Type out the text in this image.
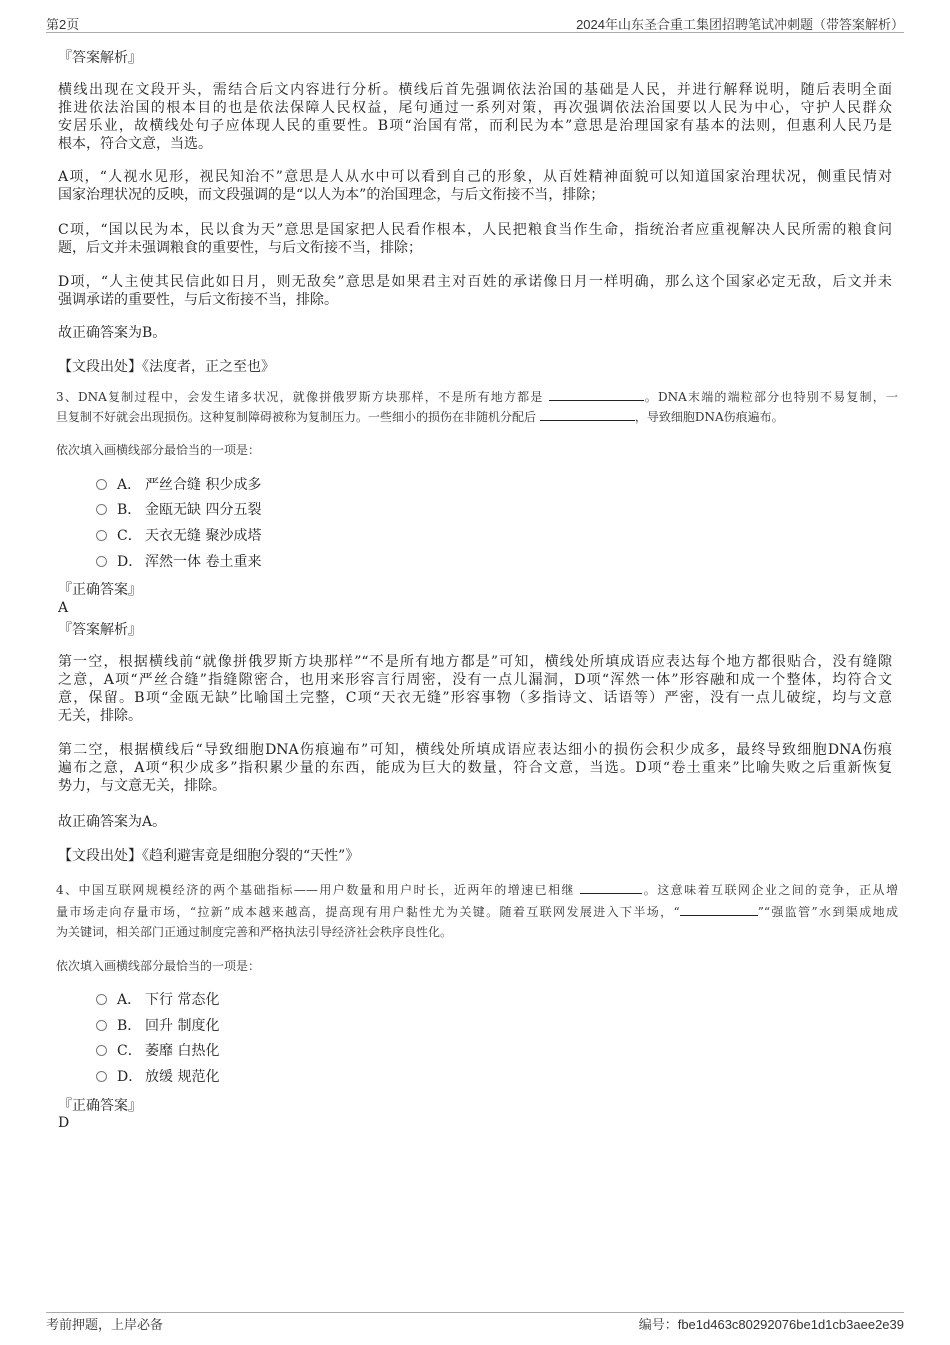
第2页	2024年山东圣合重工集团招聘笔试冲刺题（带答案解析）
『答案解析』
横线出现在文段开头，需结合后文内容进行分析。横线后首先强调依法治国的基础是人民，并进行解释说明，随后表明全面
推进依法治国的根本目的也是依法保障人民权益，尾句通过一系列对策，再次强调依法治国要以人民为中心，守护人民群众
安居乐业，故横线处句子应体现人民的重要性。B项“治国有常，而利民为本”意思是治理国家有基本的法则，但惠利人民乃是
根本，符合文意，当选。
A项，“人视水见形，视民知治不”意思是人从水中可以看到自己的形象，从百姓精神面貌可以知道国家治理状况，侧重民情对
国家治理状况的反映，而文段强调的是“以人为本”的治国理念，与后文衔接不当，排除；
C项，“国以民为本，民以食为天”意思是国家把人民看作根本，人民把粮食当作生命，指统治者应重视解决人民所需的粮食问
题，后文并未强调粮食的重要性，与后文衔接不当，排除；
D项，“人主使其民信此如日月，则无敌矣”意思是如果君主对百姓的承诺像日月一样明确，那么这个国家必定无敌，后文并未
强调承诺的重要性，与后文衔接不当，排除。
故正确答案为B。
【文段出处】《法度者，正之至也》
3、DNA复制过程中，会发生诸多状况，就像拼俄罗斯方块那样，不是所有地方都是	。DNA末端的端粒部分也特别不易复制，一
旦复制不好就会出现损伤。这种复制障碍被称为复制压力。一些细小的损伤在非随机分配后	，导致细胞DNA伤痕遍布。
依次填入画横线部分最恰当的一项是：
A． 严丝合缝 积少成多
B． 金瓯无缺 四分五裂
C． 天衣无缝 聚沙成塔
D． 浑然一体 卷土重来
『正确答案』
A
『答案解析』
第一空，根据横线前“就像拼俄罗斯方块那样”“不是所有地方都是”可知，横线处所填成语应表达每个地方都很贴合，没有缝隙
之意，A项“严丝合缝”指缝隙密合，也用来形容言行周密，没有一点儿漏洞，D项“浑然一体”形容融和成一个整体，均符合文
意，保留。B项“金瓯无缺”比喻国土完整，C项“天衣无缝”形容事物（多指诗文、话语等）严密，没有一点儿破绽，均与文意
无关，排除。
第二空，根据横线后“导致细胞DNA伤痕遍布”可知，横线处所填成语应表达细小的损伤会积少成多，最终导致细胞DNA伤痕
遍布之意，A项“积少成多”指积累少量的东西，能成为巨大的数量，符合文意，当选。D项“卷土重来”比喻失败之后重新恢复
势力，与文意无关，排除。
故正确答案为A。
【文段出处】《趋利避害竟是细胞分裂的“天性”》
4、中国互联网规模经济的两个基础指标——用户数量和用户时长，近两年的增速已相继	。这意味着互联网企业之间的竞争，正从增
量市场走向存量市场，“拉新”成本越来越高，提高现有用户黏性尤为关键。随着互联网发展进入下半场，“	”“强监管”水到渠成地成
为关键词，相关部门正通过制度完善和严格执法引导经济社会秩序良性化。
依次填入画横线部分最恰当的一项是：
A． 下行 常态化
B． 回升 制度化
C． 萎靡 白热化
D． 放缓 规范化
『正确答案』
D
考前押题，上岸必备	编号：fbe1d463c80292076be1d1cb3aee2e39
